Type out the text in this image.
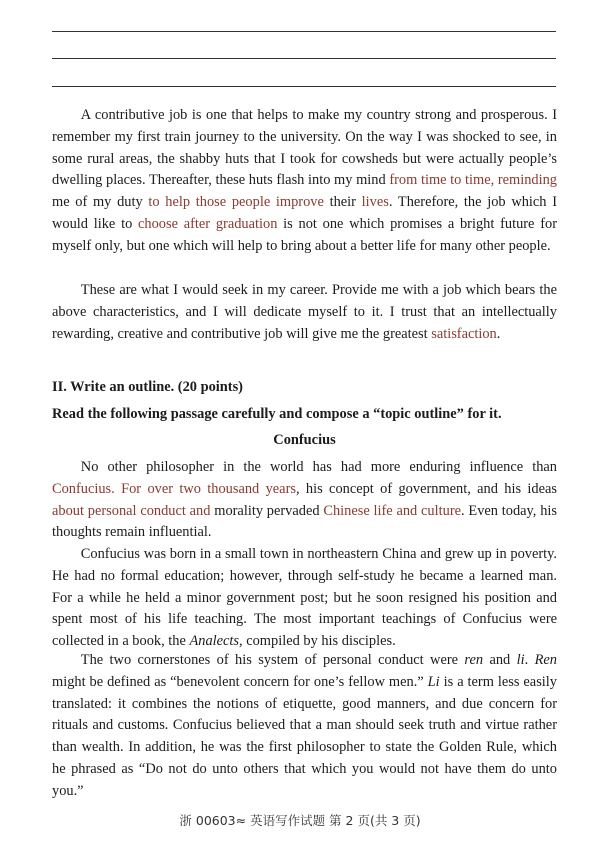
A contributive job is one that helps to make my country strong and prosperous. I remember my first train journey to the university. On the way I was shocked to see, in some rural areas, the shabby huts that I took for cowsheds but were actually people’s dwelling places. Thereafter, these huts flash into my mind from time to time, reminding me of my duty to help those people improve their lives. Therefore, the job which I would like to choose after graduation is not one which promises a bright future for myself only, but one which will help to bring about a better life for many other people.

These are what I would seek in my career. Provide me with a job which bears the above characteristics, and I will dedicate myself to it. I trust that an intellectually rewarding, creative and contributive job will give me the greatest satisfaction.

II. Write an outline. (20 points)

Read the following passage carefully and compose a “topic outline” for it.

Confucius

No other philosopher in the world has had more enduring influence than Confucius. For over two thousand years, his concept of government, and his ideas about personal conduct and morality pervaded Chinese life and culture. Even today, his thoughts remain influential.

Confucius was born in a small town in northeastern China and grew up in poverty. He had no formal education; however, through self-study he became a learned man. For a while he held a minor government post; but he soon resigned his position and spent most of his life teaching. The most important teachings of Confucius were collected in a book, the Analects, compiled by his disciples.

The two cornerstones of his system of personal conduct were ren and li. Ren might be defined as “benevolent concern for one’s fellow men.” Li is a term less easily translated: it combines the notions of etiquette, good manners, and due concern for rituals and customs. Confucius believed that a man should seek truth and virtue rather than wealth. In addition, he was the first philosopher to state the Golden Rule, which he phrased as “Do not do unto others that which you would not have them do unto you.”

浙 00603≈ 英语写作试题 第 2 页(共 3 页)
